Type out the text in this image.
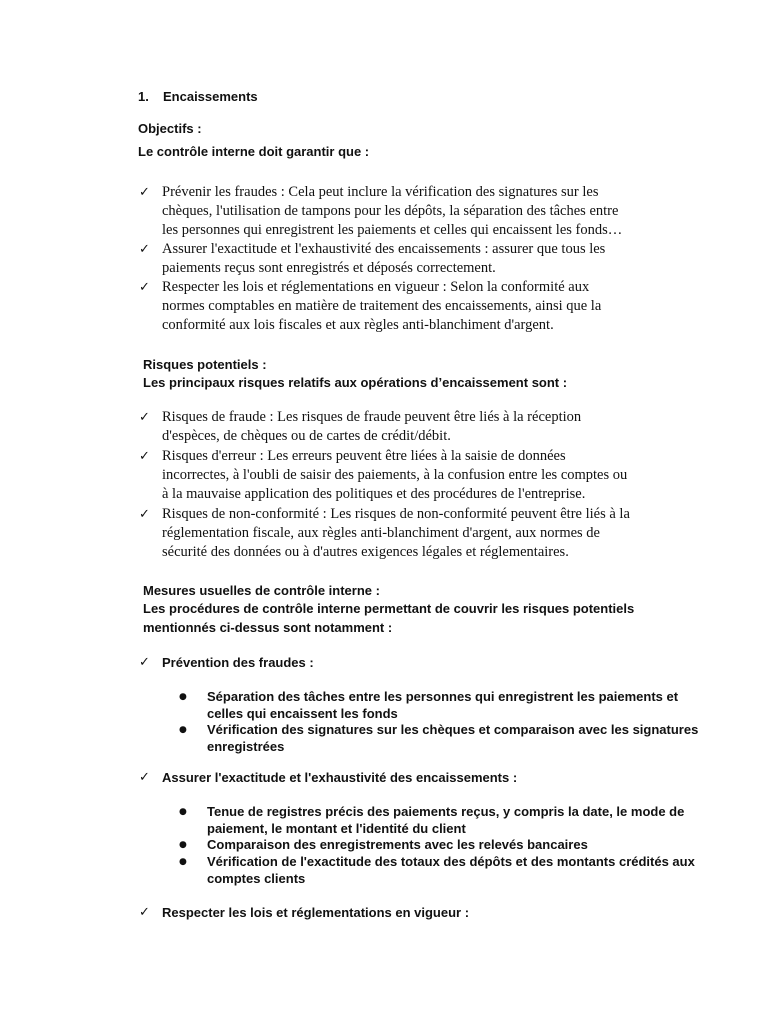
1. Encaissements
Objectifs :
Le contrôle interne doit garantir que :
✓ Prévenir les fraudes : Cela peut inclure la vérification des signatures sur les
chèques, l'utilisation de tampons pour les dépôts, la séparation des tâches entre
les personnes qui enregistrent les paiements et celles qui encaissent les fonds…
✓ Assurer l'exactitude et l'exhaustivité des encaissements : assurer que tous les
paiements reçus sont enregistrés et déposés correctement.
✓ Respecter les lois et réglementations en vigueur : Selon la conformité aux
normes comptables en matière de traitement des encaissements, ainsi que la
conformité aux lois fiscales et aux règles anti-blanchiment d'argent.
Risques potentiels :
Les principaux risques relatifs aux opérations d’encaissement sont :
✓ Risques de fraude : Les risques de fraude peuvent être liés à la réception
d'espèces, de chèques ou de cartes de crédit/débit.
✓ Risques d'erreur : Les erreurs peuvent être liées à la saisie de données
incorrectes, à l'oubli de saisir des paiements, à la confusion entre les comptes ou
à la mauvaise application des politiques et des procédures de l'entreprise.
✓ Risques de non-conformité : Les risques de non-conformité peuvent être liés à la
réglementation fiscale, aux règles anti-blanchiment d'argent, aux normes de
sécurité des données ou à d'autres exigences légales et réglementaires.
Mesures usuelles de contrôle interne :
Les procédures de contrôle interne permettant de couvrir les risques potentiels
mentionnés ci-dessus sont notamment :
✓ Prévention des fraudes :
● Séparation des tâches entre les personnes qui enregistrent les paiements et
celles qui encaissent les fonds
● Vérification des signatures sur les chèques et comparaison avec les signatures
enregistrées
✓ Assurer l'exactitude et l'exhaustivité des encaissements :
● Tenue de registres précis des paiements reçus, y compris la date, le mode de
paiement, le montant et l'identité du client
● Comparaison des enregistrements avec les relevés bancaires
● Vérification de l'exactitude des totaux des dépôts et des montants crédités aux
comptes clients
✓ Respecter les lois et réglementations en vigueur :
